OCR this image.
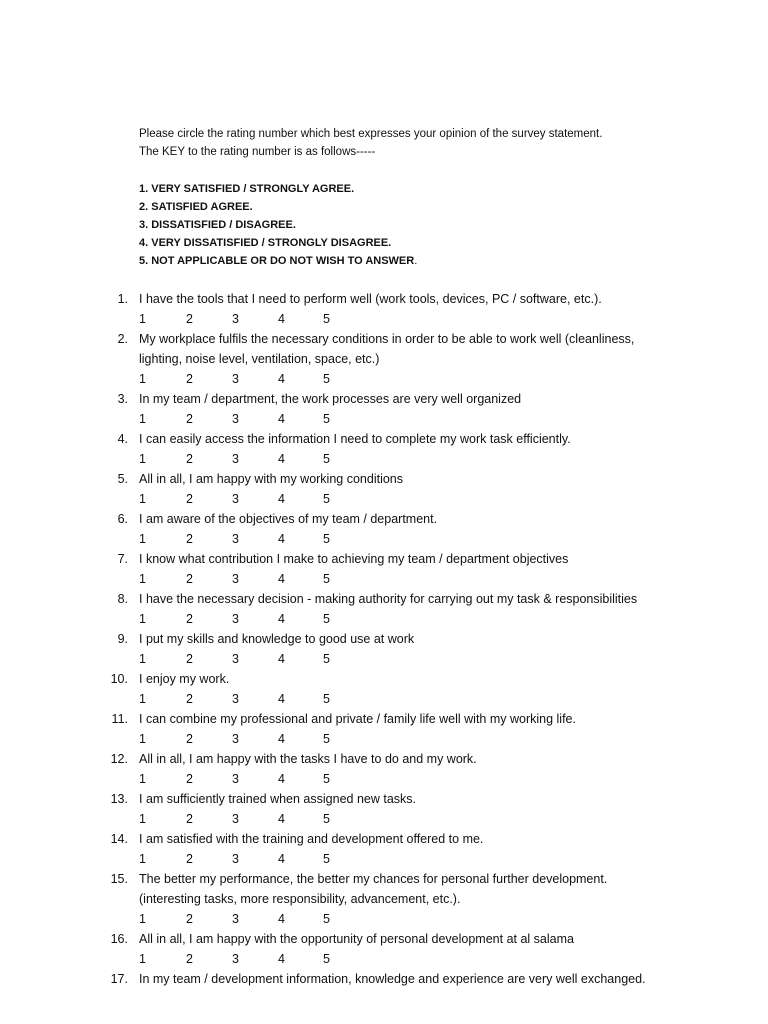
Please circle the rating number which best expresses your opinion of the survey statement.
The KEY to the rating number is as follows-----
1. VERY SATISFIED / STRONGLY AGREE.
2. SATISFIED AGREE.
3. DISSATISFIED / DISAGREE.
4. VERY DISSATISFIED / STRONGLY DISAGREE.
5. NOT APPLICABLE OR DO NOT WISH TO ANSWER.
1. I have the tools that I need to perform well (work tools, devices, PC / software, etc.).
1	2	3	4	5
2. My workplace fulfils the necessary conditions in order to be able to work well (cleanliness,
lighting, noise level, ventilation, space, etc.)
1	2	3	4	5
3. In my team / department, the work processes are very well organized
1	2	3	4	5
4. I can easily access the information I need to complete my work task efficiently.
1	2	3	4	5
5. All in all, I am happy with my working conditions
1	2	3	4	5
6. I am aware of the objectives of my team / department.
1	2	3	4	5
7. I know what contribution I make to achieving my team / department objectives
1	2	3	4	5
8. I have the necessary decision - making authority for carrying out my task & responsibilities
1	2	3	4	5
9. I put my skills and knowledge to good use at work
1	2	3	4	5
10. I enjoy my work.
1	2	3	4	5
11. I can combine my professional and private / family life well with my working life.
1	2	3	4	5
12. All in all, I am happy with the tasks I have to do and my work.
1	2	3	4	5
13. I am sufficiently trained when assigned new tasks.
1	2	3	4	5
14. I am satisfied with the training and development offered to me.
1	2	3	4	5
15. The better my performance, the better my chances for personal further development.
(interesting tasks, more responsibility, advancement, etc.).
1	2	3	4	5
16. All in all, I am happy with the opportunity of personal development at al salama
1	2	3	4	5
17. In my team / development information, knowledge and experience are very well exchanged.
